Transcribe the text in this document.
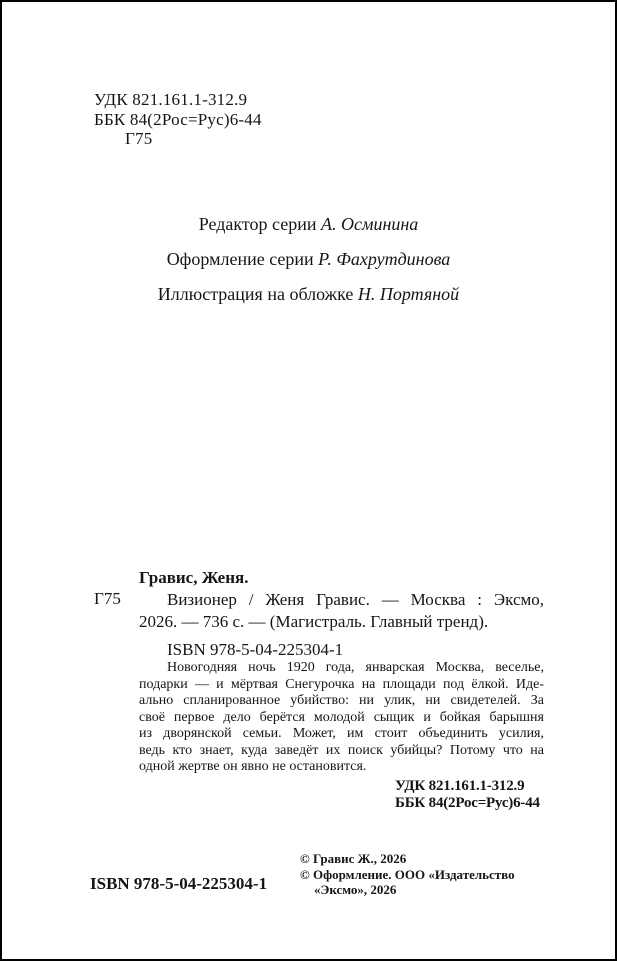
УДК 821.161.1-312.9
ББК 84(2Рос=Рус)6-44
Г75
Редактор серии А. Осминина
Оформление серии Р. Фахрутдинова
Иллюстрация на обложке Н. Портяной
Г75
Гравис, Женя.
Визионер / Женя Гравис. — Москва : Эксмо,
2026. — 736 с. — (Магистраль. Главный тренд).
ISBN 978-5-04-225304-1
Новогодняя ночь 1920 года, январская Москва, веселье,
подарки — и мёртвая Снегурочка на площади под ёлкой. Иде-
ально спланированное убийство: ни улик, ни свидетелей. За
своё первое дело берётся молодой сыщик и бойкая барышня
из дворянской семьи. Может, им стоит объединить усилия,
ведь кто знает, куда заведёт их поиск убийцы? Потому что на
одной жертве он явно не остановится.
УДК 821.161.1-312.9
ББК 84(2Рос=Рус)6-44
ISBN 978-5-04-225304-1
© Гравис Ж., 2026
© Оформление. ООО «Издательство «Эксмо», 2026
